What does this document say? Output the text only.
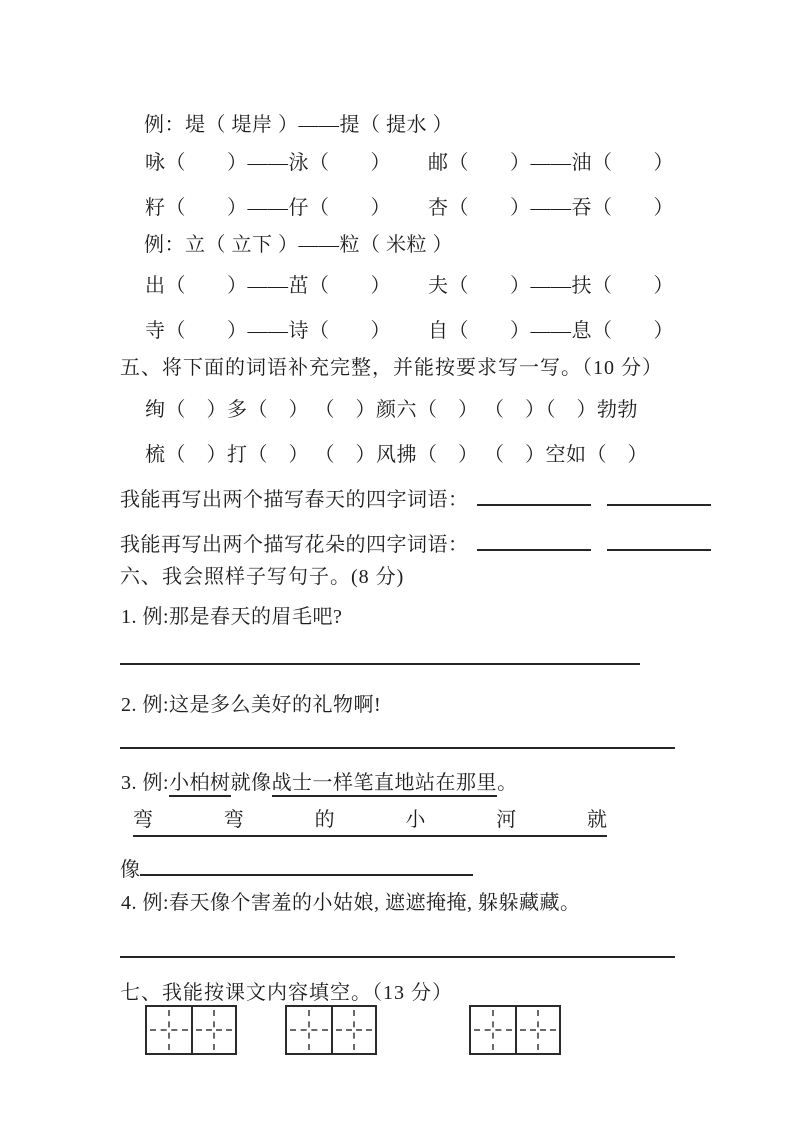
例：堤（ 堤岸 ）——提（ 提水 ）
咏（　　）——泳（　　） 邮（　　）——油（　　）
籽（　　）——仔（　　） 杏（　　）——吞（　　）
例：立（ 立下 ）——粒（ 米粒 ）
出（　　）——茁（　　） 夫（　　）——扶（　　）
寺（　　）——诗（　　） 自（　　）——息（　　）
五、将下面的词语补充完整，并能按要求写一写。（10 分）
绚（　）多（　） （　）颜六（　） （　）（　）勃勃
梳（　）打（　） （　）风拂（　） （　）空如（　）
我能再写出两个描写春天的四字词语：
我能再写出两个描写花朵的四字词语：
六、我会照样子写句子。(8 分)
1. 例:那是春天的眉毛吧?
2. 例:这是多么美好的礼物啊!
3. 例:小柏树就像战士一样笔直地站在那里。
弯	弯	的	小	河	就
像
4. 例:春天像个害羞的小姑娘, 遮遮掩掩, 躲躲藏藏。
七、我能按课文内容填空。（13 分）
